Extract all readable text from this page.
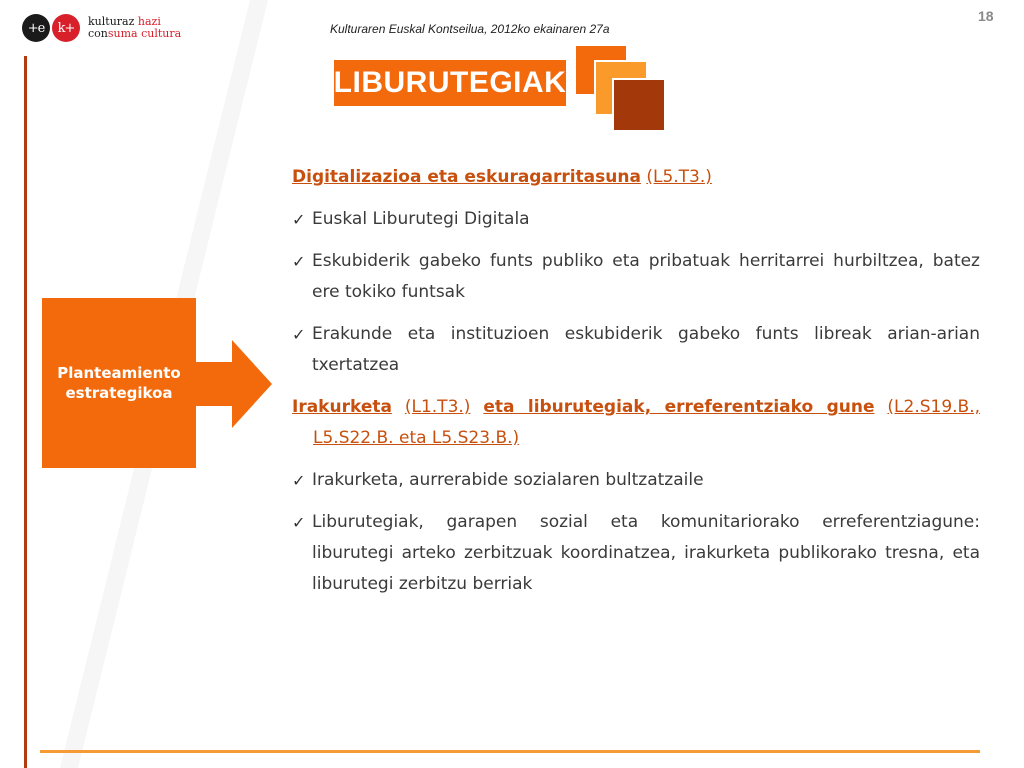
+e	k+	kulturaz hazi
consuma cultura	Kulturaren Euskal Kontseilua, 2012ko ekainaren 27a
18
LIBURUTEGIAK
Planteamiento
estrategikoa
Digitalizazioa eta eskuragarritasuna (L5.T3.)
✓ Euskal Liburutegi Digitala
✓ Eskubiderik gabeko funts publiko eta pribatuak herritarrei hurbiltzea, batez ere tokiko funtsak
✓ Erakunde eta instituzioen eskubiderik gabeko funts libreak arian-arian txertatzea
Irakurketa (L1.T3.) eta liburutegiak, erreferentziako gune (L2.S19.B., L5.S22.B. eta L5.S23.B.)
✓ Irakurketa, aurrerabide sozialaren bultzatzaile
✓ Liburutegiak, garapen sozial eta komunitariorako erreferentziagune: liburutegi arteko zerbitzuak koordinatzea, irakurketa publikorako tresna, eta liburutegi zerbitzu berriak
